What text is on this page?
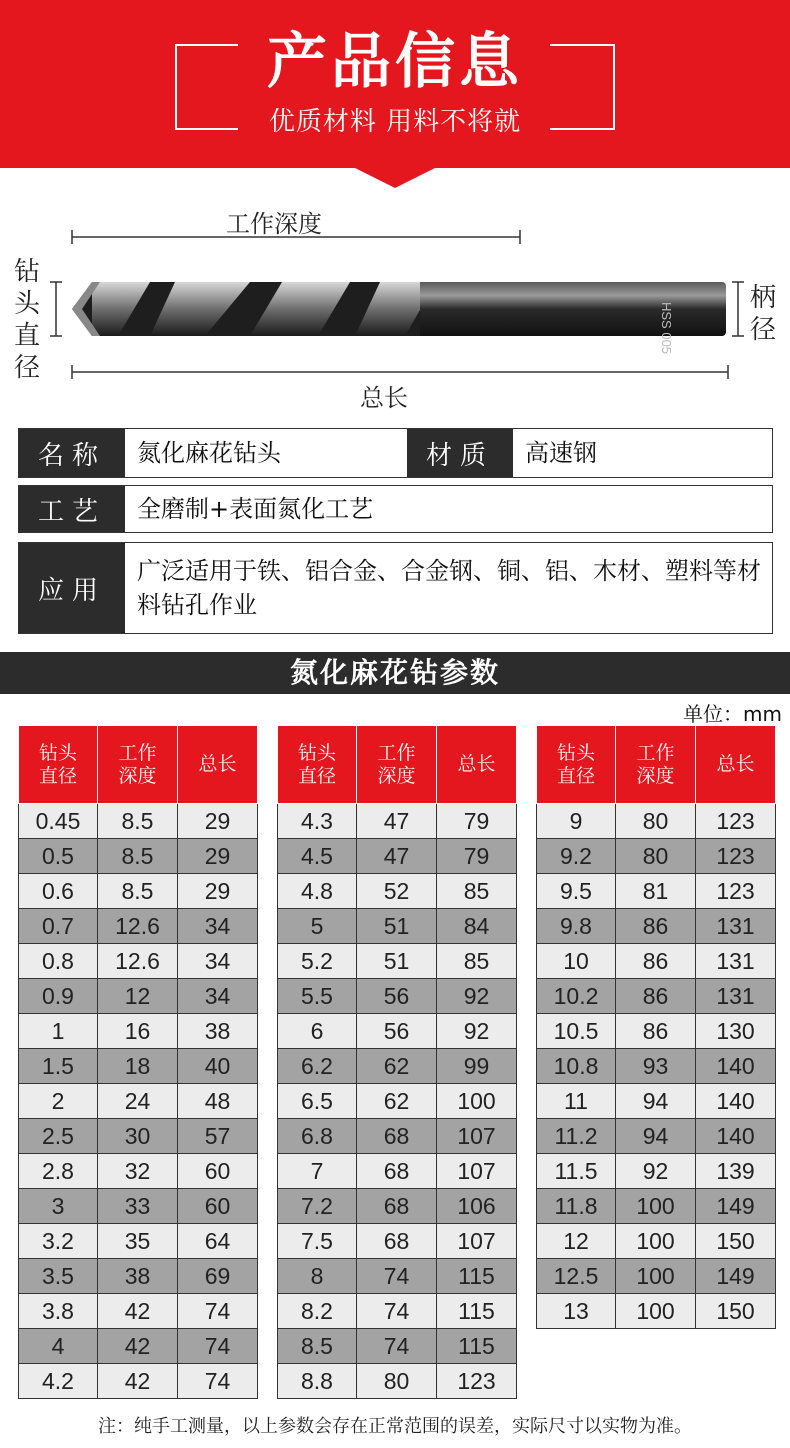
产品信息
优质材料 用料不将就
工作深度
总长
钻头直径
柄径
HSS 005
名称	氮化麻花钻头	材质	高速钢
工艺	全磨制+表面氮化工艺
应用
广泛适用于铁、铝合金、合金钢、铜、铝、木材、塑料等材料钻孔作业
氮化麻花钻参数
单位：mm
钻头直径	工作深度	总长
0.45	8.5	29
0.5	8.5	29
0.6	8.5	29
0.7	12.6	34
0.8	12.6	34
0.9	12	34
1	16	38
1.5	18	40
2	24	48
2.5	30	57
2.8	32	60
3	33	60
3.2	35	64
3.5	38	69
3.8	42	74
4	42	74
4.2	42	74
钻头直径	工作深度	总长
4.3	47	79
4.5	47	79
4.8	52	85
5	51	84
5.2	51	85
5.5	56	92
6	56	92
6.2	62	99
6.5	62	100
6.8	68	107
7	68	107
7.2	68	106
7.5	68	107
8	74	115
8.2	74	115
8.5	74	115
8.8	80	123
钻头直径	工作深度	总长
9	80	123
9.2	80	123
9.5	81	123
9.8	86	131
10	86	131
10.2	86	131
10.5	86	130
10.8	93	140
11	94	140
11.2	94	140
11.5	92	139
11.8	100	149
12	100	150
12.5	100	149
13	100	150
注：纯手工测量，以上参数会存在正常范围的误差，实际尺寸以实物为准。
